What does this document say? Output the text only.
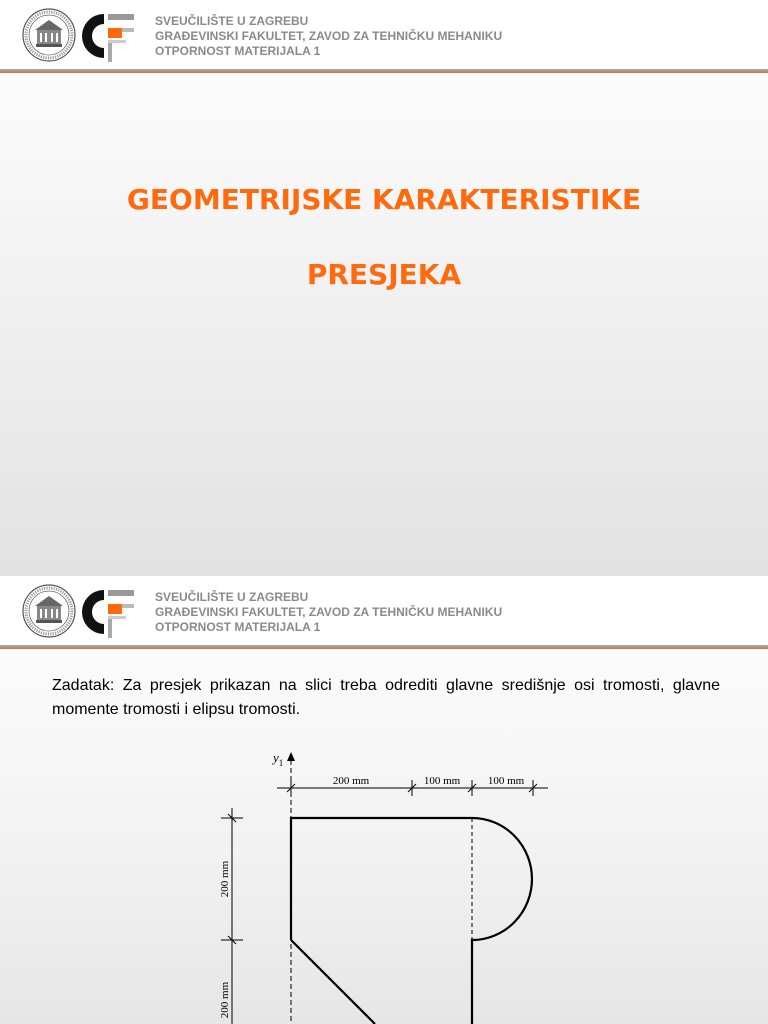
SVEUČILIŠTE U ZAGREBU
GRAĐEVINSKI FAKULTET, ZAVOD ZA TEHNIČKU MEHANIKU
OTPORNOST MATERIJALA 1
GEOMETRIJSKE KARAKTERISTIKE
PRESJEKA
SVEUČILIŠTE U ZAGREBU
GRAĐEVINSKI FAKULTET, ZAVOD ZA TEHNIČKU MEHANIKU
OTPORNOST MATERIJALA 1
Zadatak: Za presjek prikazan na slici treba odrediti glavne središnje osi tromosti, glavne momente tromosti i elipsu tromosti.
$y_1$
200 mm	100 mm	100 mm
200 mm
200 mm
